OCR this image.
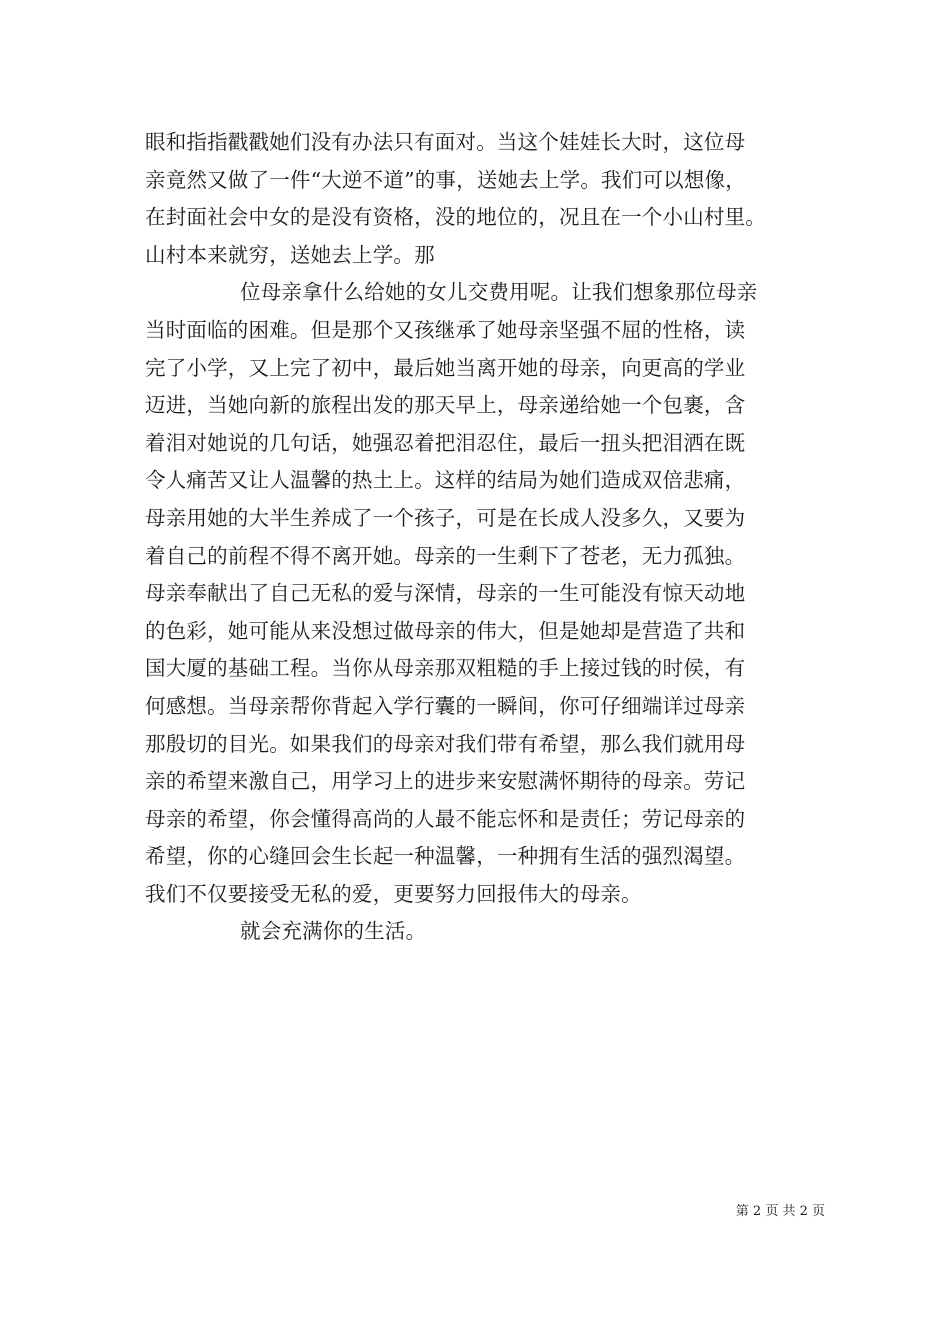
眼和指指戳戳她们没有办法只有面对。当这个娃娃长大时，这位母
亲竟然又做了一件“大逆不道”的事，送她去上学。我们可以想像，
在封面社会中女的是没有资格，没的地位的，况且在一个小山村里。
山村本来就穷，送她去上学。那
位母亲拿什么给她的女儿交费用呢。让我们想象那位母亲
当时面临的困难。但是那个又孩继承了她母亲坚强不屈的性格，读
完了小学，又上完了初中，最后她当离开她的母亲，向更高的学业
迈进，当她向新的旅程出发的那天早上，母亲递给她一个包裹，含
着泪对她说的几句话，她强忍着把泪忍住，最后一扭头把泪洒在既
令人痛苦又让人温馨的热土上。这样的结局为她们造成双倍悲痛，
母亲用她的大半生养成了一个孩子，可是在长成人没多久，又要为
着自己的前程不得不离开她。母亲的一生剩下了苍老，无力孤独。
母亲奉献出了自己无私的爱与深情，母亲的一生可能没有惊天动地
的色彩，她可能从来没想过做母亲的伟大，但是她却是营造了共和
国大厦的基础工程。当你从母亲那双粗糙的手上接过钱的时侯，有
何感想。当母亲帮你背起入学行囊的一瞬间，你可仔细端详过母亲
那殷切的目光。如果我们的母亲对我们带有希望，那么我们就用母
亲的希望来激自己，用学习上的进步来安慰满怀期待的母亲。劳记
母亲的希望，你会懂得高尚的人最不能忘怀和是责任；劳记母亲的
希望，你的心缝回会生长起一种温馨，一种拥有生活的强烈渴望。
我们不仅要接受无私的爱，更要努力回报伟大的母亲。
就会充满你的生活。
第 2 页 共 2 页
